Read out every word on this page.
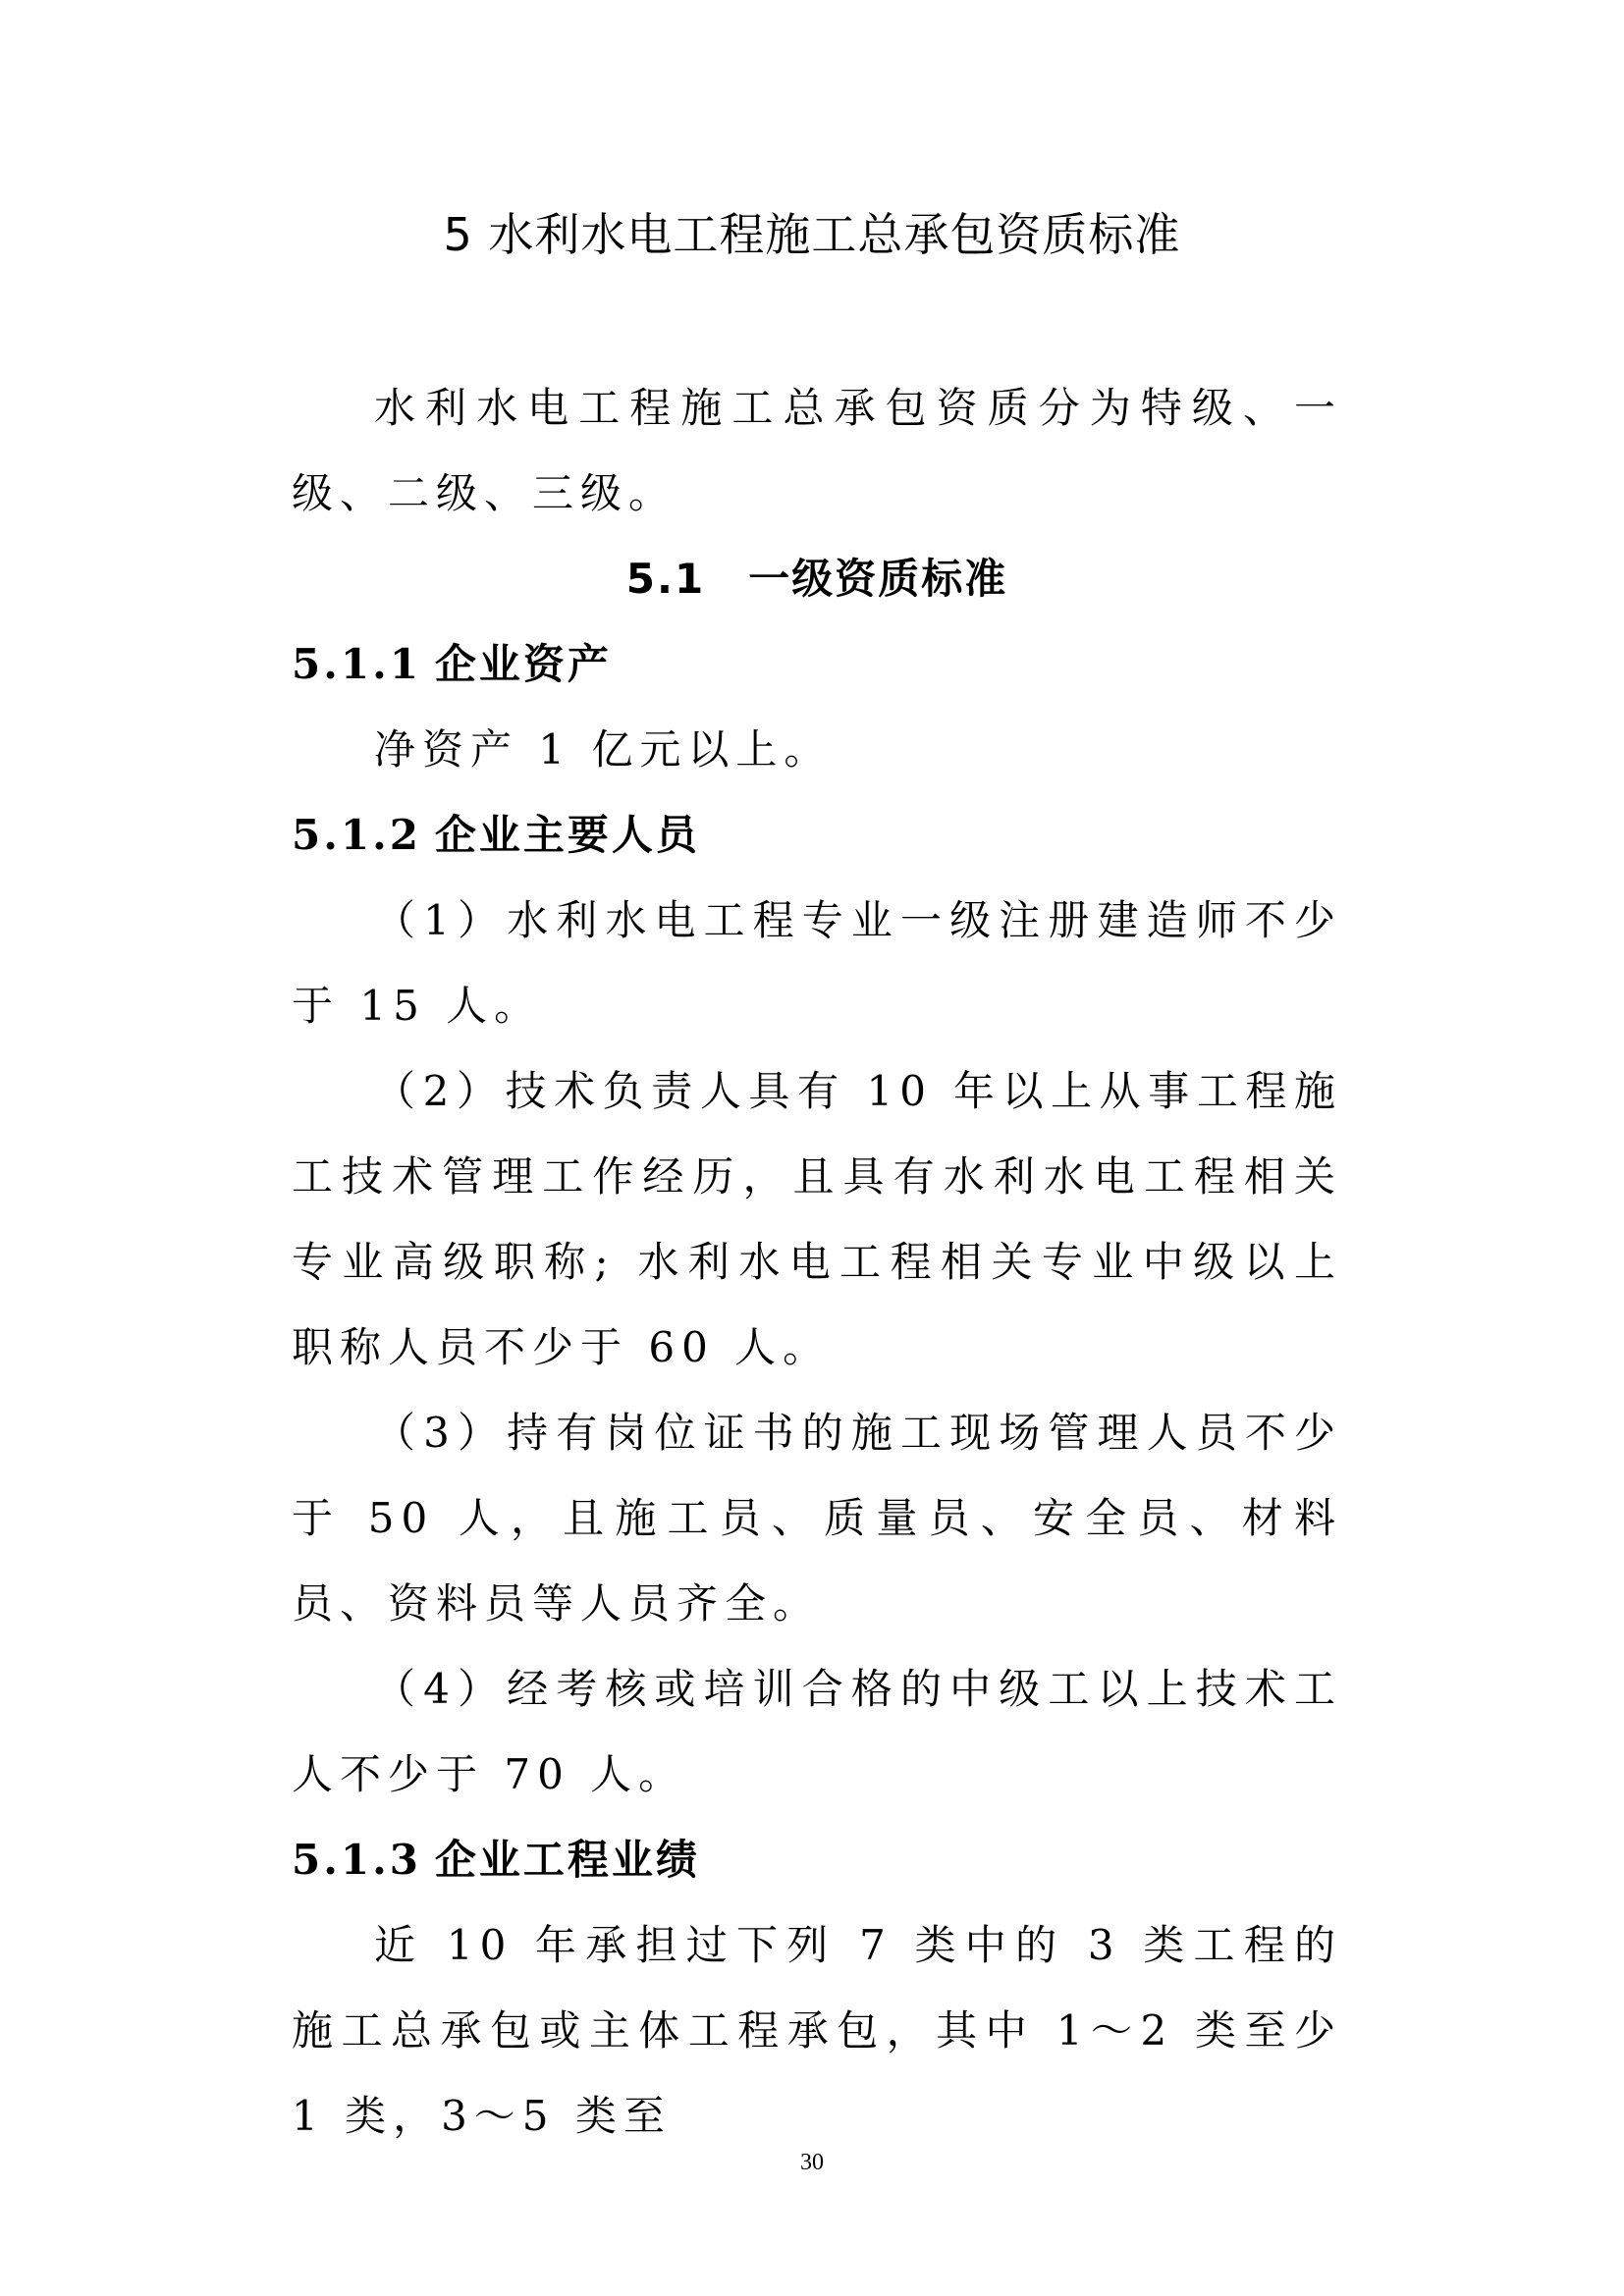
5 水利水电工程施工总承包资质标准

水利水电工程施工总承包资质分为特级、一级、二级、三级。

5.1 一级资质标准
5.1.1 企业资产

净资产 1 亿元以上。

5.1.2 企业主要人员

（1）水利水电工程专业一级注册建造师不少于 15 人。

（2）技术负责人具有 10 年以上从事工程施工技术管理工作经历，且具有水利水电工程相关专业高级职称; 水利水电工程相关专业中级以上职称人员不少于 60 人。

（3）持有岗位证书的施工现场管理人员不少于 50 人，且施工员、质量员、安全员、材料员、资料员等人员齐全。

（4）经考核或培训合格的中级工以上技术工人不少于 70 人。

5.1.3 企业工程业绩

近 10 年承担过下列 7 类中的 3 类工程的施工总承包或主体工程承包，其中 1～2 类至少 1 类，3～5 类至

30
